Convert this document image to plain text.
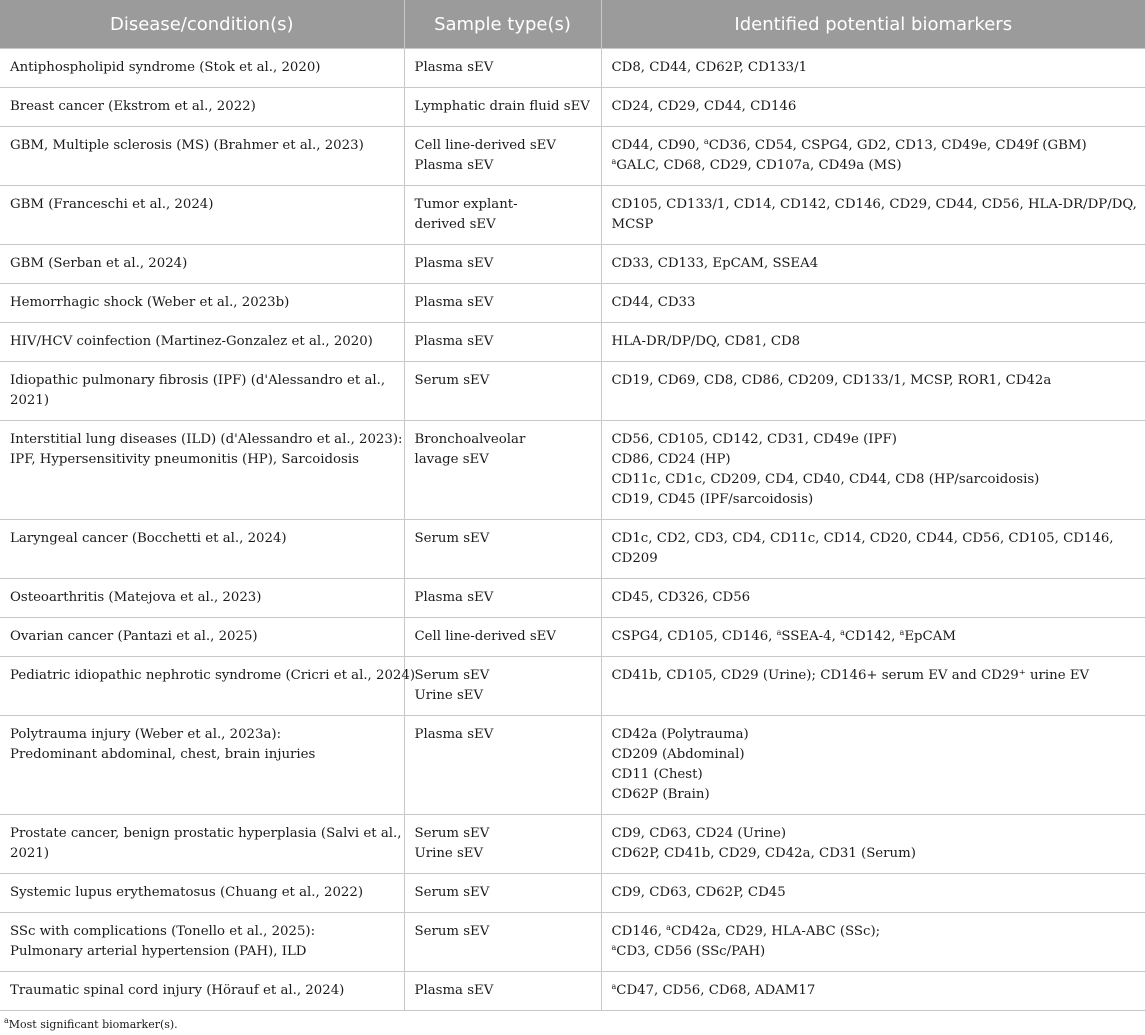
Disease/condition(s)	Sample type(s)	Identified potential biomarkers

Antiphospholipid syndrome (Stok et al., 2020)	Plasma sEV	CD8, CD44, CD62P, CD133/1

Breast cancer (Ekstrom et al., 2022)	Lymphatic drain fluid sEV	CD24, CD29, CD44, CD146

GBM, Multiple sclerosis (MS) (Brahmer et al., 2023)	Cell line-derived sEV
Plasma sEV	CD44, CD90, $^a$CD36, CD54, CSPG4, GD2, CD13, CD49e, CD49f (GBM)
$^a$GALC, CD68, CD29, CD107a, CD49a (MS)

GBM (Franceschi et al., 2024)	Tumor explant-
derived sEV	CD105, CD133/1, CD14, CD142, CD146, CD29, CD44, CD56, HLA-DR/DP/DQ,
MCSP

GBM (Serban et al., 2024)	Plasma sEV	CD33, CD133, EpCAM, SSEA4

Hemorrhagic shock (Weber et al., 2023b)	Plasma sEV	CD44, CD33

HIV/HCV coinfection (Martinez-Gonzalez et al., 2020)	Plasma sEV	HLA-DR/DP/DQ, CD81, CD8

Idiopathic pulmonary fibrosis (IPF) (d'Alessandro et al.,
2021)	Serum sEV	CD19, CD69, CD8, CD86, CD209, CD133/1, MCSP, ROR1, CD42a

Interstitial lung diseases (ILD) (d'Alessandro et al., 2023):
IPF, Hypersensitivity pneumonitis (HP), Sarcoidosis	Bronchoalveolar
lavage sEV	CD56, CD105, CD142, CD31, CD49e (IPF)
CD86, CD24 (HP)
CD11c, CD1c, CD209, CD4, CD40, CD44, CD8 (HP/sarcoidosis)
CD19, CD45 (IPF/sarcoidosis)

Laryngeal cancer (Bocchetti et al., 2024)	Serum sEV	CD1c, CD2, CD3, CD4, CD11c, CD14, CD20, CD44, CD56, CD105, CD146,
CD209

Osteoarthritis (Matejova et al., 2023)	Plasma sEV	CD45, CD326, CD56

Ovarian cancer (Pantazi et al., 2025)	Cell line-derived sEV	CSPG4, CD105, CD146, $^a$SSEA-4, $^a$CD142, $^a$EpCAM

Pediatric idiopathic nephrotic syndrome (Cricri et al., 2024)	Serum sEV
Urine sEV	CD41b, CD105, CD29 (Urine); CD146+ serum EV and CD29⁺ urine EV

Polytrauma injury (Weber et al., 2023a):
Predominant abdominal, chest, brain injuries	Plasma sEV	CD42a (Polytrauma)
CD209 (Abdominal)
CD11 (Chest)
CD62P (Brain)

Prostate cancer, benign prostatic hyperplasia (Salvi et al.,
2021)	Serum sEV
Urine sEV	CD9, CD63, CD24 (Urine)
CD62P, CD41b, CD29, CD42a, CD31 (Serum)

Systemic lupus erythematosus (Chuang et al., 2022)	Serum sEV	CD9, CD63, CD62P, CD45

SSc with complications (Tonello et al., 2025):
Pulmonary arterial hypertension (PAH), ILD	Serum sEV	CD146, $^a$CD42a, CD29, HLA-ABC (SSc);
$^a$CD3, CD56 (SSc/PAH)

Traumatic spinal cord injury (Hörauf et al., 2024)	Plasma sEV	$^a$CD47, CD56, CD68, ADAM17
$^a$Most significant biomarker(s).
